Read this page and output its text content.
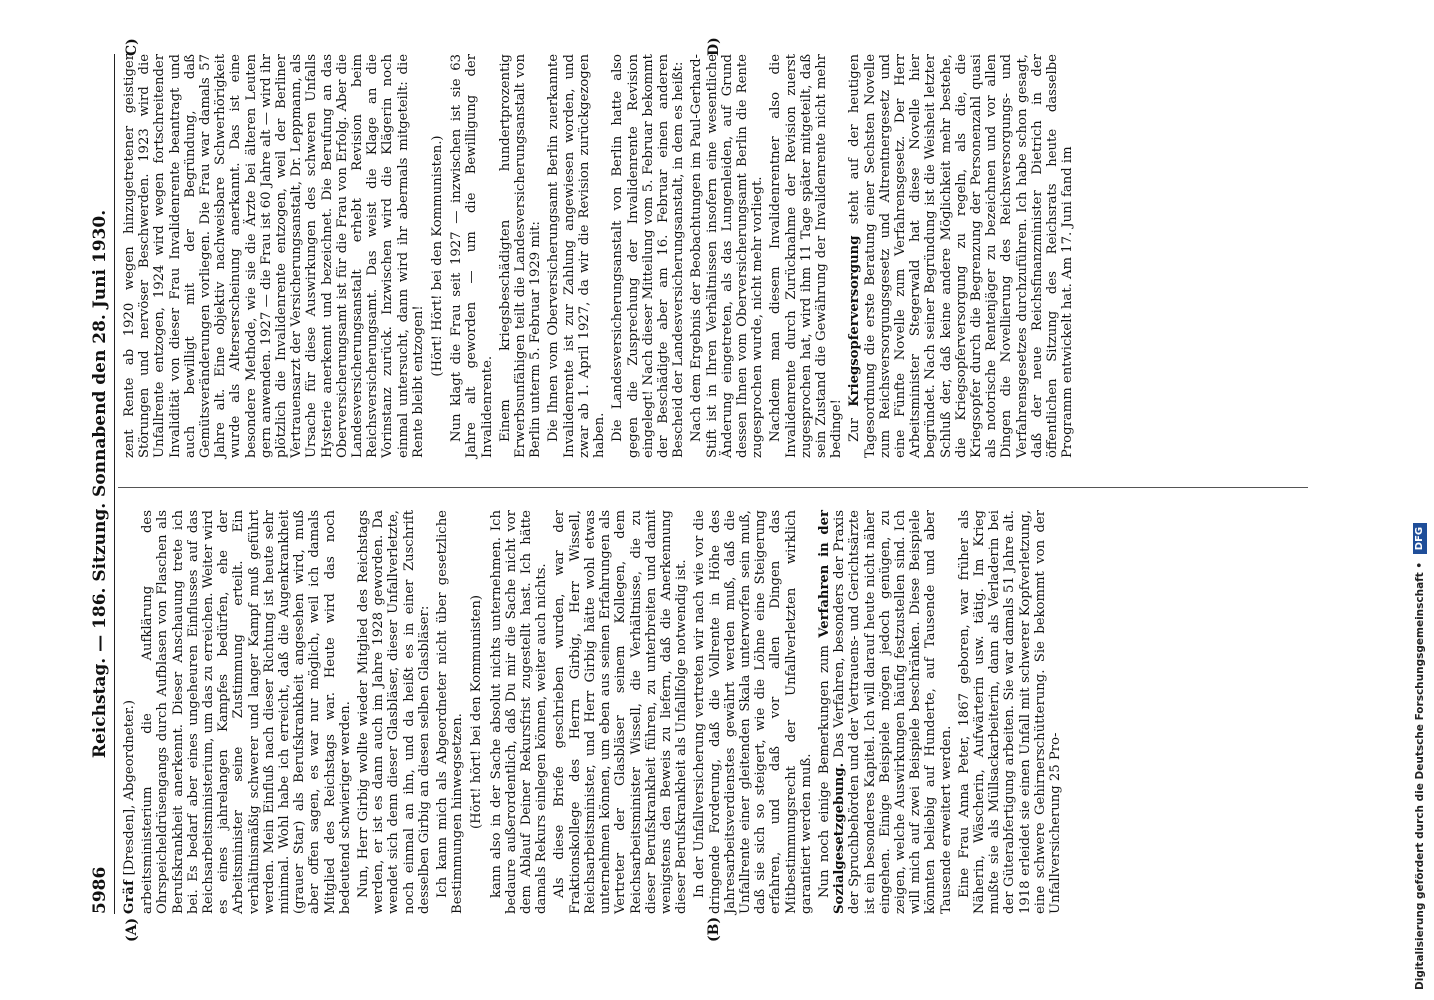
5986
Reichstag. — 186. Sitzung. Sonnabend den 28. Juni 1930.
(A)	(B)
C)	D)

Gräf [Dresden], Abgeordneter.) arbeitsministerium die Aufklärung des Ohrspeicheldrüsengangs durch Aufblasen von Flaschen als Berufskrankheit anerkennt. Dieser Anschauung trete ich bei. Es bedarf aber eines ungeheuren Einflusses auf das Reichsarbeitsministerium, um das zu erreichen. Weiter wird es eines jahrelangen Kampfes bedürfen, ehe der Arbeitsminister seine Zustimmung erteilt. Ein verhältnismäßig schwerer und langer Kampf muß geführt werden. Mein Einfluß nach dieser Richtung ist heute sehr minimal. Wohl habe ich erreicht, daß die Augenkrankheit (grauer Star) als Berufskrankheit angesehen wird, muß aber offen sagen, es war nur möglich, weil ich damals Mitglied des Reichstags war. Heute wird das noch bedeutend schwieriger werden. Nun, Herr Girbig wollte wieder Mitglied des Reichstags werden, er ist es dann auch im Jahre 1928 geworden. Da wendet sich denn dieser Glasbläser, dieser Unfallverletzte, noch einmal an ihn, und da heißt es in einer Zuschrift desselben Girbig an diesen selben Glasbläser: Ich kann mich als Abgeordneter nicht über gesetzliche Bestimmungen hinwegsetzen. (Hört! hört! bei den Kommunisten) kann also in der Sache absolut nichts unternehmen. Ich bedaure außerordentlich, daß Du mir die Sache nicht vor dem Ablauf Deiner Rekursfrist zugestellt hast. Ich hätte damals Rekurs einlegen können, weiter auch nichts. Als diese Briefe geschrieben wurden, war der Fraktionskollege des Herrn Girbig, Herr Wissell, Reichsarbeitsminister, und Herr Girbig hätte wohl etwas unternehmen können, um eben aus seinen Erfahrungen als Vertreter der Glasbläser seinem Kollegen, dem Reichsarbeitsminister Wissell, die Verhältnisse, die zu dieser Berufskrankheit führen, zu unterbreiten und damit wenigstens den Beweis zu liefern, daß die Anerkennung dieser Berufskrankheit als Unfallfolge notwendig ist. In der Unfallversicherung vertreten wir nach wie vor die dringende Forderung, daß die Vollrente in Höhe des Jahresarbeitsverdienstes gewährt werden muß, daß die Unfallrente einer gleitenden Skala unterworfen sein muß, daß sie sich so steigert, wie die Löhne eine Steigerung erfahren, und daß vor allen Dingen das Mitbestimmungsrecht der Unfallverletzten wirklich garantiert werden muß. Nun noch einige Bemerkungen zum Verfahren in der Sozialgesetzgebung. Das Verfahren, besonders der Praxis der Spruchbehörden und der Vertrauens- und Gerichtsärzte ist ein besonderes Kapitel. Ich will darauf heute nicht näher eingehen. Einige Beispiele mögen jedoch genügen, zu zeigen, welche Auswirkungen häufig festzustellen sind. Ich will mich auf zwei Beispiele beschränken. Diese Beispiele könnten beliebig auf Hunderte, auf Tausende und aber Tausende erweitert werden. Eine Frau Anna Peter, 1867 geboren, war früher als Näherin, Wäscherin, Aufwärterin usw. tätig. Im Krieg mußte sie als Müllsackarbeiterin, dann als Verladerin bei der Güterabfertigung arbeiten. Sie war damals 51 Jahre alt. 1918 erleidet sie einen Unfall mit schwerer Kopfverletzung, eine schwere Gehirnerschütterung. Sie bekommt von der Unfallversicherung 25 Pro-

zent Rente ab 1920 wegen hinzugetretener geistiger Störungen und nervöser Beschwerden. 1923 wird die Unfallrente entzogen, 1924 wird wegen fortschreitender Invalidität von dieser Frau Invalidenrente beantragt und auch bewilligt mit der Begründung, daß Gemütsveränderungen vorliegen. Die Frau war damals 57 Jahre alt. Eine objektiv nachweisbare Schwerhörigkeit wurde als Alterserscheinung anerkannt. Das ist eine besondere Methode, wie sie die Ärzte bei älteren Leuten gern anwenden. 1927 — die Frau ist 60 Jahre alt — wird ihr plötzlich die Invalidenrente entzogen, weil der Berliner Vertrauensarzt der Versicherungsanstalt, Dr. Leppmann, als Ursache für diese Auswirkungen des schweren Unfalls Hysterie anerkennt und bezeichnet. Die Berufung an das Oberversicherungsamt ist für die Frau von Erfolg. Aber die Landesversicherungsanstalt erhebt Revision beim Reichsversicherungsamt. Das weist die Klage an die Vorinstanz zurück. Inzwischen wird die Klägerin noch einmal untersucht, dann wird ihr abermals mitgeteilt: die Rente bleibt entzogen!

(Hört! Hört! bei den Kommunisten.) Nun klagt die Frau seit 1927 — inzwischen ist sie 63 Jahre alt geworden — um die Bewilligung der Invalidenrente. Einem kriegsbeschädigten hundertprozentig Erwerbsunfähigen teilt die Landesversicherungsanstalt von Berlin unterm 5. Februar 1929 mit: Die Ihnen vom Oberversicherungsamt Berlin zuerkannte Invalidenrente ist zur Zahlung angewiesen worden, und zwar ab 1. April 1927, da wir die Revision zurückgezogen haben. Die Landesversicherungsanstalt von Berlin hatte also gegen die Zusprechung der Invalidenrente Revision eingelegt! Nach dieser Mitteilung vom 5. Februar bekommt der Beschädigte aber am 16. Februar einen anderen Bescheid der Landesversicherungsanstalt, in dem es heißt: Nach dem Ergebnis der Beobachtungen im Paul-Gerhard-Stift ist in Ihren Verhältnissen insofern eine wesentliche Änderung eingetreten, als das Lungenleiden, auf Grund dessen Ihnen vom Oberversicherungsamt Berlin die Rente zugesprochen wurde, nicht mehr vorliegt. Nachdem man diesem Invalidenrentner also die Invalidenrente durch Zurücknahme der Revision zuerst zugesprochen hat, wird ihm 11 Tage später mitgeteilt, daß sein Zustand die Gewährung der Invalidenrente nicht mehr bedinge! Zur Kriegsopferversorgung steht auf der heutigen Tagesordnung die erste Beratung einer Sechsten Novelle zum Reichsversorgungsgesetz und Altrentnergesetz und eine Fünfte Novelle zum Verfahrensgesetz. Der Herr Arbeitsminister Stegerwald hat diese Novelle hier begründet. Nach seiner Begründung ist die Weisheit letzter Schluß der, daß keine andere Möglichkeit mehr bestehe, die Kriegsopferversorgung zu regeln, als die, die Kriegsopfer durch die Begrenzung der Personenzahl quasi als notorische Rentenjäger zu bezeichnen und vor allen Dingen die Novellierung des Reichsversorgungs- und Verfahrensgesetzes durchzuführen. Ich habe schon gesagt, daß der neue Reichsfinanzminister Dietrich in der öffentlichen Sitzung des Reichsrats heute dasselbe Programm entwickelt hat. Am 17. Juni fand im

Digitalisierung gefördert durch die Deutsche Forschungsgemeinschaft • DFG
